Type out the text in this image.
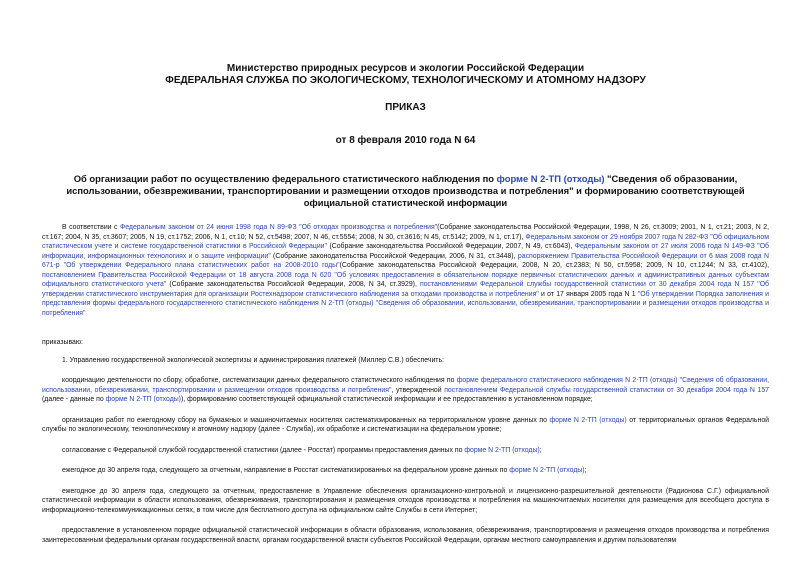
Министерство природных ресурсов и экологии Российской Федерации
ФЕДЕРАЛЬНАЯ СЛУЖБА ПО ЭКОЛОГИЧЕСКОМУ, ТЕХНОЛОГИЧЕСКОМУ И АТОМНОМУ НАДЗОРУ
ПРИКАЗ
от 8 февраля 2010 года N 64
Об организации работ по осуществлению федерального статистического наблюдения по форме N 2-ТП (отходы) "Сведения об образовании, использовании, обезвреживании, транспортировании и размещении отходов производства и потребления" и формированию соответствующей официальной статистической информации

В соответствии с Федеральным законом от 24 июня 1998 года N 89-ФЗ "Об отходах производства и потребления"(Собрание законодательства Российской Федерации, 1998, N 26, ст.3009; 2001, N 1, ст.21; 2003, N 2, ст.167; 2004, N 35, ст.3607; 2005, N 19, ст.1752; 2006, N 1, ст.10; N 52, ст.5498; 2007, N 46, ст.5554; 2008, N 30, ст.3616; N 45, ст.5142; 2009, N 1, ст.17), Федеральным законом от 29 ноября 2007 года N 282-ФЗ "Об официальном статистическом учете и системе государственной статистики в Российской Федерации" (Собрание законодательства Российской Федерации, 2007, N 49, ст.6043), Федеральным законом от 27 июля 2006 года N 149-ФЗ "Об информации, информационных технологиях и о защите информации" (Собрание законодательства Российской Федерации, 2006, N 31, ст.3448), распоряжением Правительства Российской Федерации от 6 мая 2008 года N 671-р "Об утверждении Федерального плана статистических работ на 2008-2010 годы"(Собрание законодательства Российской Федерации, 2008, N 20, ст.2383; N 50, ст.5958; 2009, N 10, ст.1244; N 33, ст.4102), постановлением Правительства Российской Федерации от 18 августа 2008 года N 620 "Об условиях предоставления в обязательном порядке первичных статистических данных и административных данных субъектам официального статистического учета" (Собрание законодательства Российской Федерации, 2008, N 34, ст.3929), постановлениями Федеральной службы государственной статистики от 30 декабря 2004 года N 157 "Об утверждении статистического инструментария для организации Ростехнадзором статистического наблюдения за отходами производства и потребления" и от 17 января 2005 года N 1 "Об утверждении Порядка заполнения и представления формы федерального государственного статистического наблюдения N 2-ТП (отходы) "Сведения об образовании, использовании, обезвреживании, транспортировании и размещении отходов производства и потребления"

приказываю:

1. Управлению государственной экологической экспертизы и администрирования платежей (Миллер С.В.) обеспечить:

координацию деятельности по сбору, обработке, систематизации данных федерального статистического наблюдения по форме федерального статистического наблюдения N 2-ТП (отходы) "Сведения об образовании, использовании, обезвреживании, транспортировании и размещении отходов производства и потребления", утвержденной постановлением Федеральной службы государственной статистики от 30 декабря 2004 года N 157 (далее - данные по форме N 2-ТП (отходы)), формированию соответствующей официальной статистической информации и ее предоставлению в установленном порядке;

организацию работ по ежегодному сбору на бумажных и машиночитаемых носителях систематизированных на территориальном уровне данных по форме N 2-ТП (отходы) от территориальных органов Федеральной службы по экологическому, технологическому и атомному надзору (далее - Служба), их обработке и систематизации на федеральном уровне;

согласование с Федеральной службой государственной статистики (далее - Росстат) программы предоставления данных по форме N 2-ТП (отходы);

ежегодное до 30 апреля года, следующего за отчетным, направление в Росстат систематизированных на федеральном уровне данных по форме N 2-ТП (отходы);

ежегодное до 30 апреля года, следующего за отчетным, предоставление в Управление обеспечения организационно-контрольной и лицензионно-разрешительной деятельности (Радионова С.Г.) официальной статистической информации в области использования, обезвреживания, транспортирования и размещения отходов производства и потребления на машиночитаемых носителях для размещения для всеобщего доступа в информационно-телекоммуникационных сетях, в том числе для бесплатного доступа на официальном сайте Службы в сети Интернет;

предоставление в установленном порядке официальной статистической информации в области образования, использования, обезвреживания, транспортирования и размещения отходов производства и потребления заинтересованным федеральным органам государственной власти, органам государственной власти субъектов Российской Федерации, органам местного самоуправления и другим пользователям
